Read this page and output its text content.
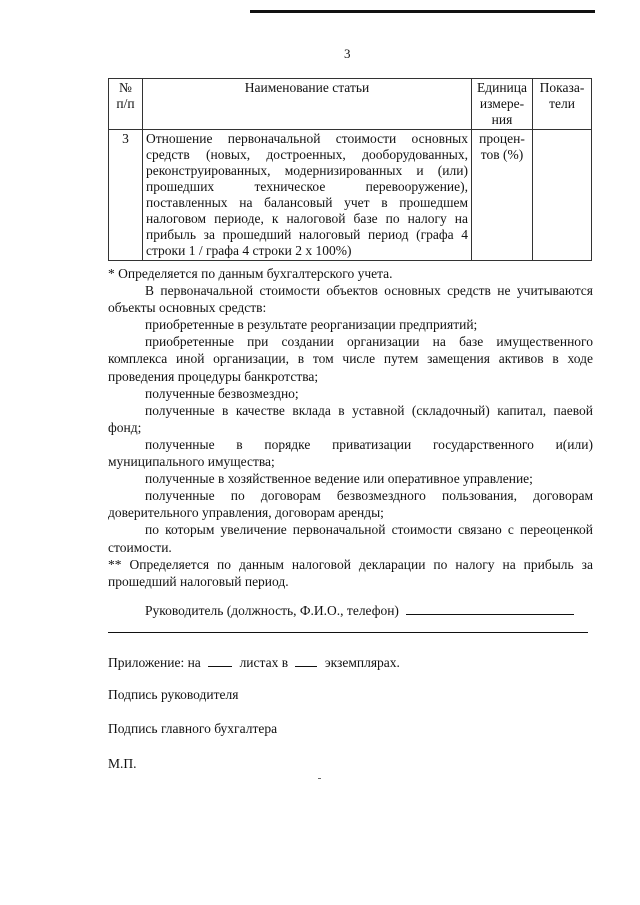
3
№ п/п	Наименование статьи	Единица измере-ния	Показа-тели
3	Отношение первоначальной стоимости основных средств (новых, достроенных, дооборудованных, реконструированных, модернизированных и (или) прошедших техническое перевооружение), поставленных на балансовый учет в прошедшем налоговом периоде, к налоговой базе по налогу на прибыль за прошедший налоговый период (графа 4 строки 1 / графа 4 строки 2 х 100%)	процен-тов (%)	

* Определяется по данным бухгалтерского учета.

В первоначальной стоимости объектов основных средств не учитываются объекты основных средств:

приобретенные в результате реорганизации предприятий;

приобретенные при создании организации на базе имущественного комплекса иной организации, в том числе путем замещения активов в ходе проведения процедуры банкротства;

полученные безвозмездно;

полученные в качестве вклада в уставной (складочный) капитал, паевой фонд;

полученные в порядке приватизации государственного и(или) муниципального имущества;

полученные в хозяйственное ведение или оперативное управление;

полученные по договорам безвозмездного пользования, договорам доверительного управления, договорам аренды;

по которым увеличение первоначальной стоимости связано с переоценкой стоимости.

** Определяется по данным налоговой декларации по налогу на прибыль за прошедший налоговый период.

Руководитель (должность, Ф.И.О., телефон)
Приложение: на	листах в	экземплярах.
Подпись руководителя
Подпись главного бухгалтера
М.П.
